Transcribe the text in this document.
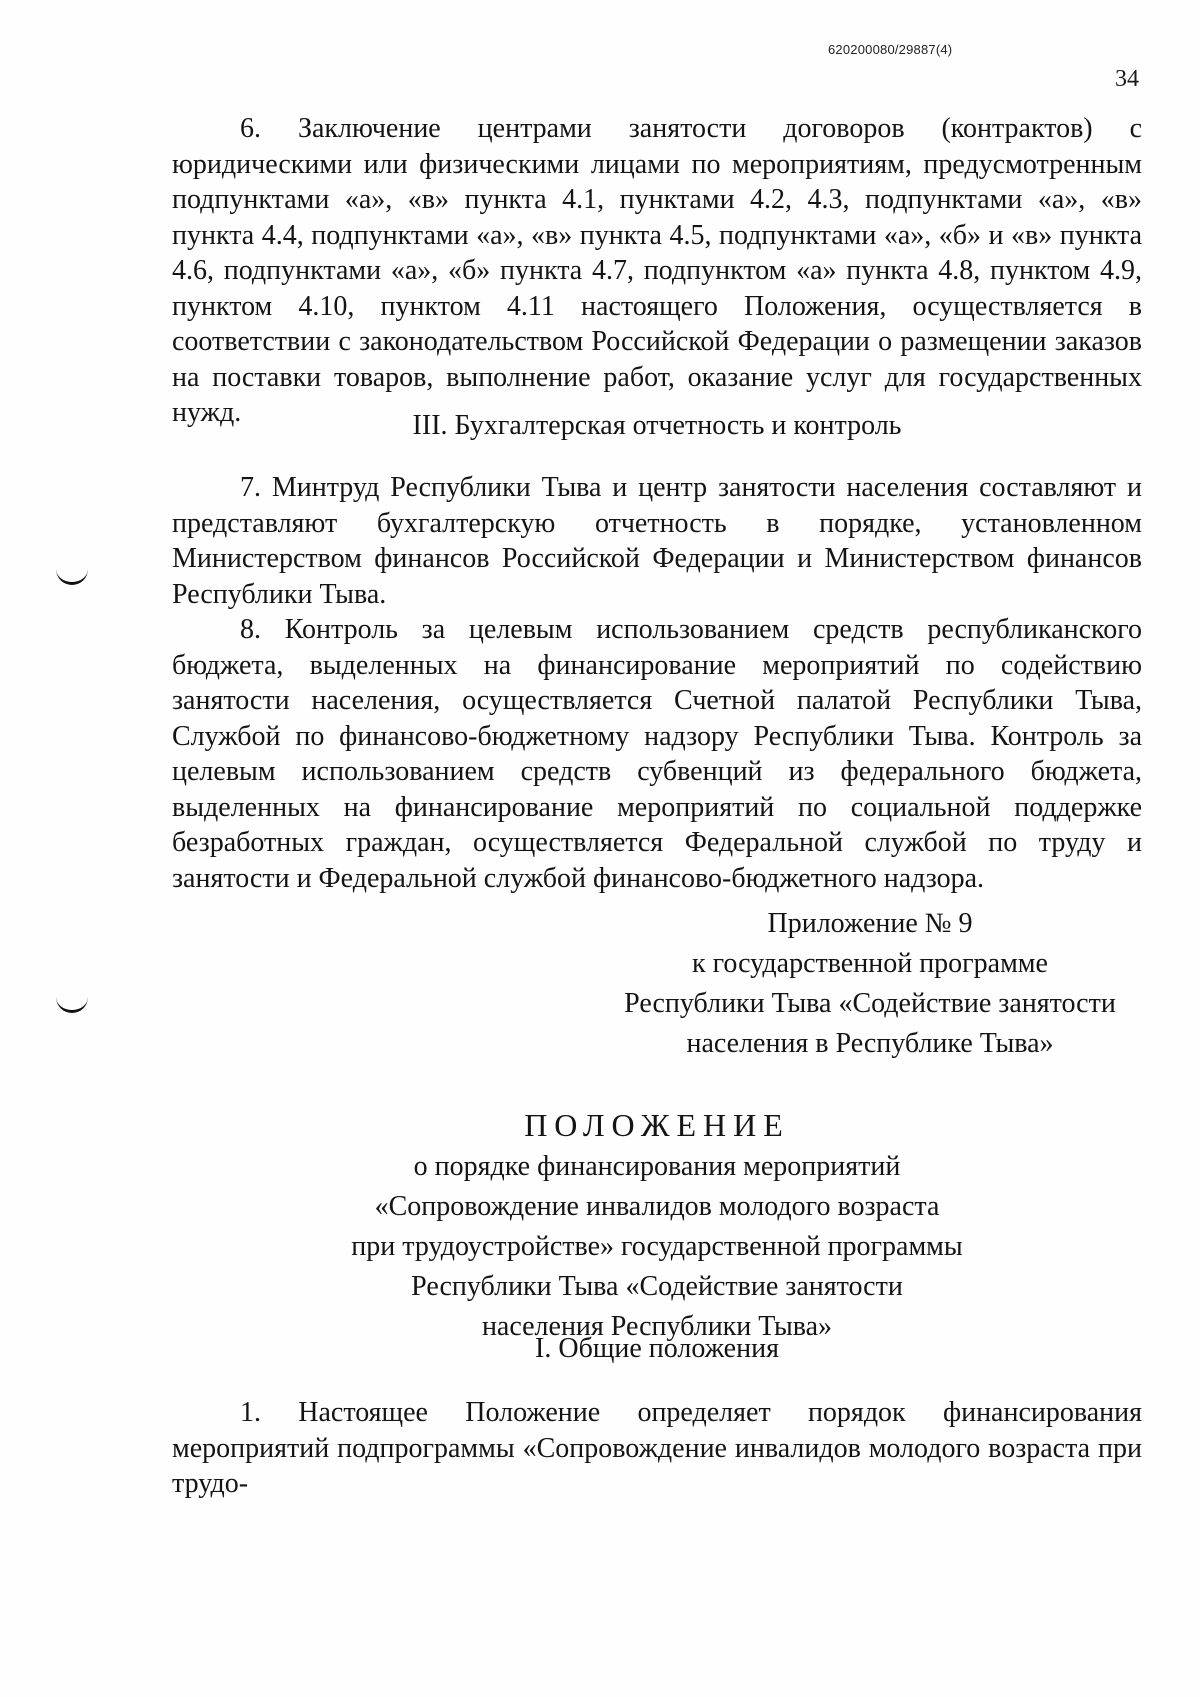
620200080/29887(4)
34

6. Заключение центрами занятости договоров (контрактов) с юридическими или физическими лицами по мероприятиям, предусмотренным подпунктами «а», «в» пункта 4.1, пунктами 4.2, 4.3, подпунктами «а», «в» пункта 4.4, подпунктами «а», «в» пункта 4.5, подпунктами «а», «б» и «в» пункта 4.6, подпунктами «а», «б» пункта 4.7, подпунктом «а» пункта 4.8, пунктом 4.9, пунктом 4.10, пунктом 4.11 настоящего Положения, осуществляется в соответствии с законодательством Российской Федерации о размещении заказов на поставки товаров, выполнение работ, оказание услуг для государственных нужд.	III. Бухгалтерская отчетность и контроль

7. Минтруд Республики Тыва и центр занятости населения составляют и представляют бухгалтерскую отчетность в порядке, установленном Министерством финансов Российской Федерации и Министерством финансов Республики Тыва.

8. Контроль за целевым использованием средств республиканского бюджета, выделенных на финансирование мероприятий по содействию занятости населения, осуществляется Счетной палатой Республики Тыва, Службой по финансово-бюджетному надзору Республики Тыва. Контроль за целевым использованием средств субвенций из федерального бюджета, выделенных на финансирование мероприятий по социальной поддержке безработных граждан, осуществляется Федеральной службой по труду и занятости и Федеральной службой финансово-бюджетного надзора.

Приложение № 9
к государственной программе
Республики Тыва «Содействие занятости
населения в Республике Тыва»
ПОЛОЖЕНИЕ
о порядке финансирования мероприятий
«Сопровождение инвалидов молодого возраста
при трудоустройстве» государственной программы
Республики Тыва «Содействие занятости
населения Республики Тыва»
I. Общие положения

1. Настоящее Положение определяет порядок финансирования мероприятий подпрограммы «Сопровождение инвалидов молодого возраста при трудо-
